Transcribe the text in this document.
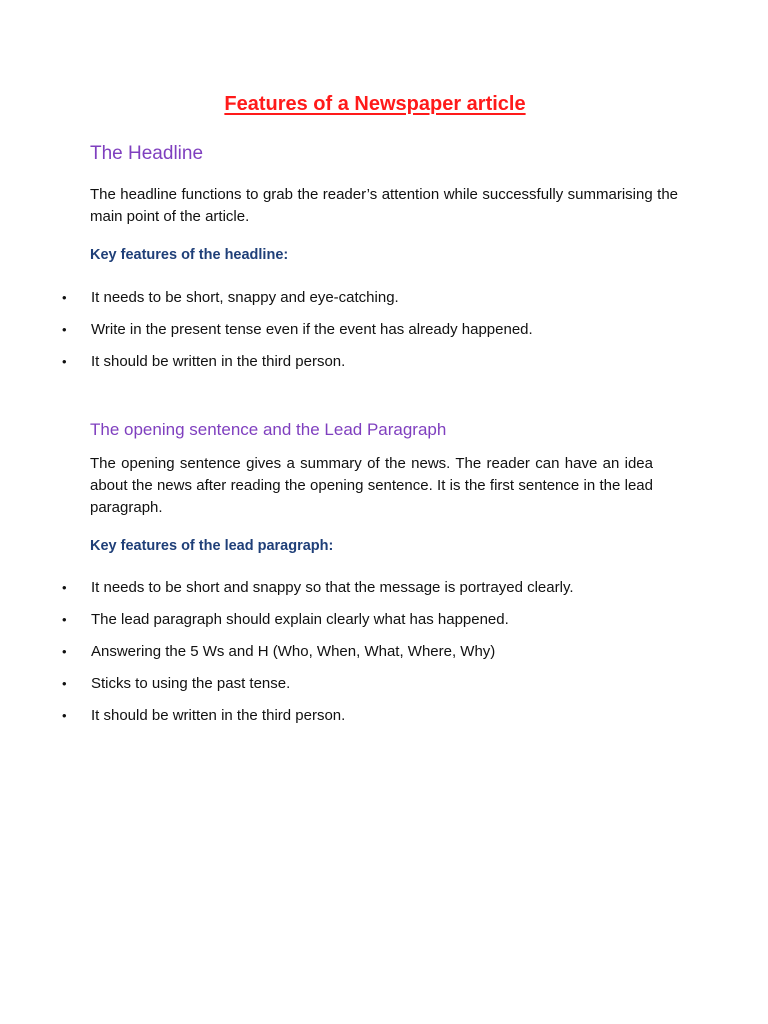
Features of a Newspaper article
The Headline
The headline functions to grab the reader’s attention while successfully summarising the main point of the article.
Key features of the headline:
• It needs to be short, snappy and eye-catching.
• Write in the present tense even if the event has already happened.
• It should be written in the third person.
The opening sentence and the Lead Paragraph
The opening sentence gives a summary of the news. The reader can have an idea about the news after reading the opening sentence. It is the first sentence in the lead paragraph.
Key features of the lead paragraph:
• It needs to be short and snappy so that the message is portrayed clearly.
• The lead paragraph should explain clearly what has happened.
• Answering the 5 Ws and H (Who, When, What, Where, Why)
• Sticks to using the past tense.
• It should be written in the third person.
